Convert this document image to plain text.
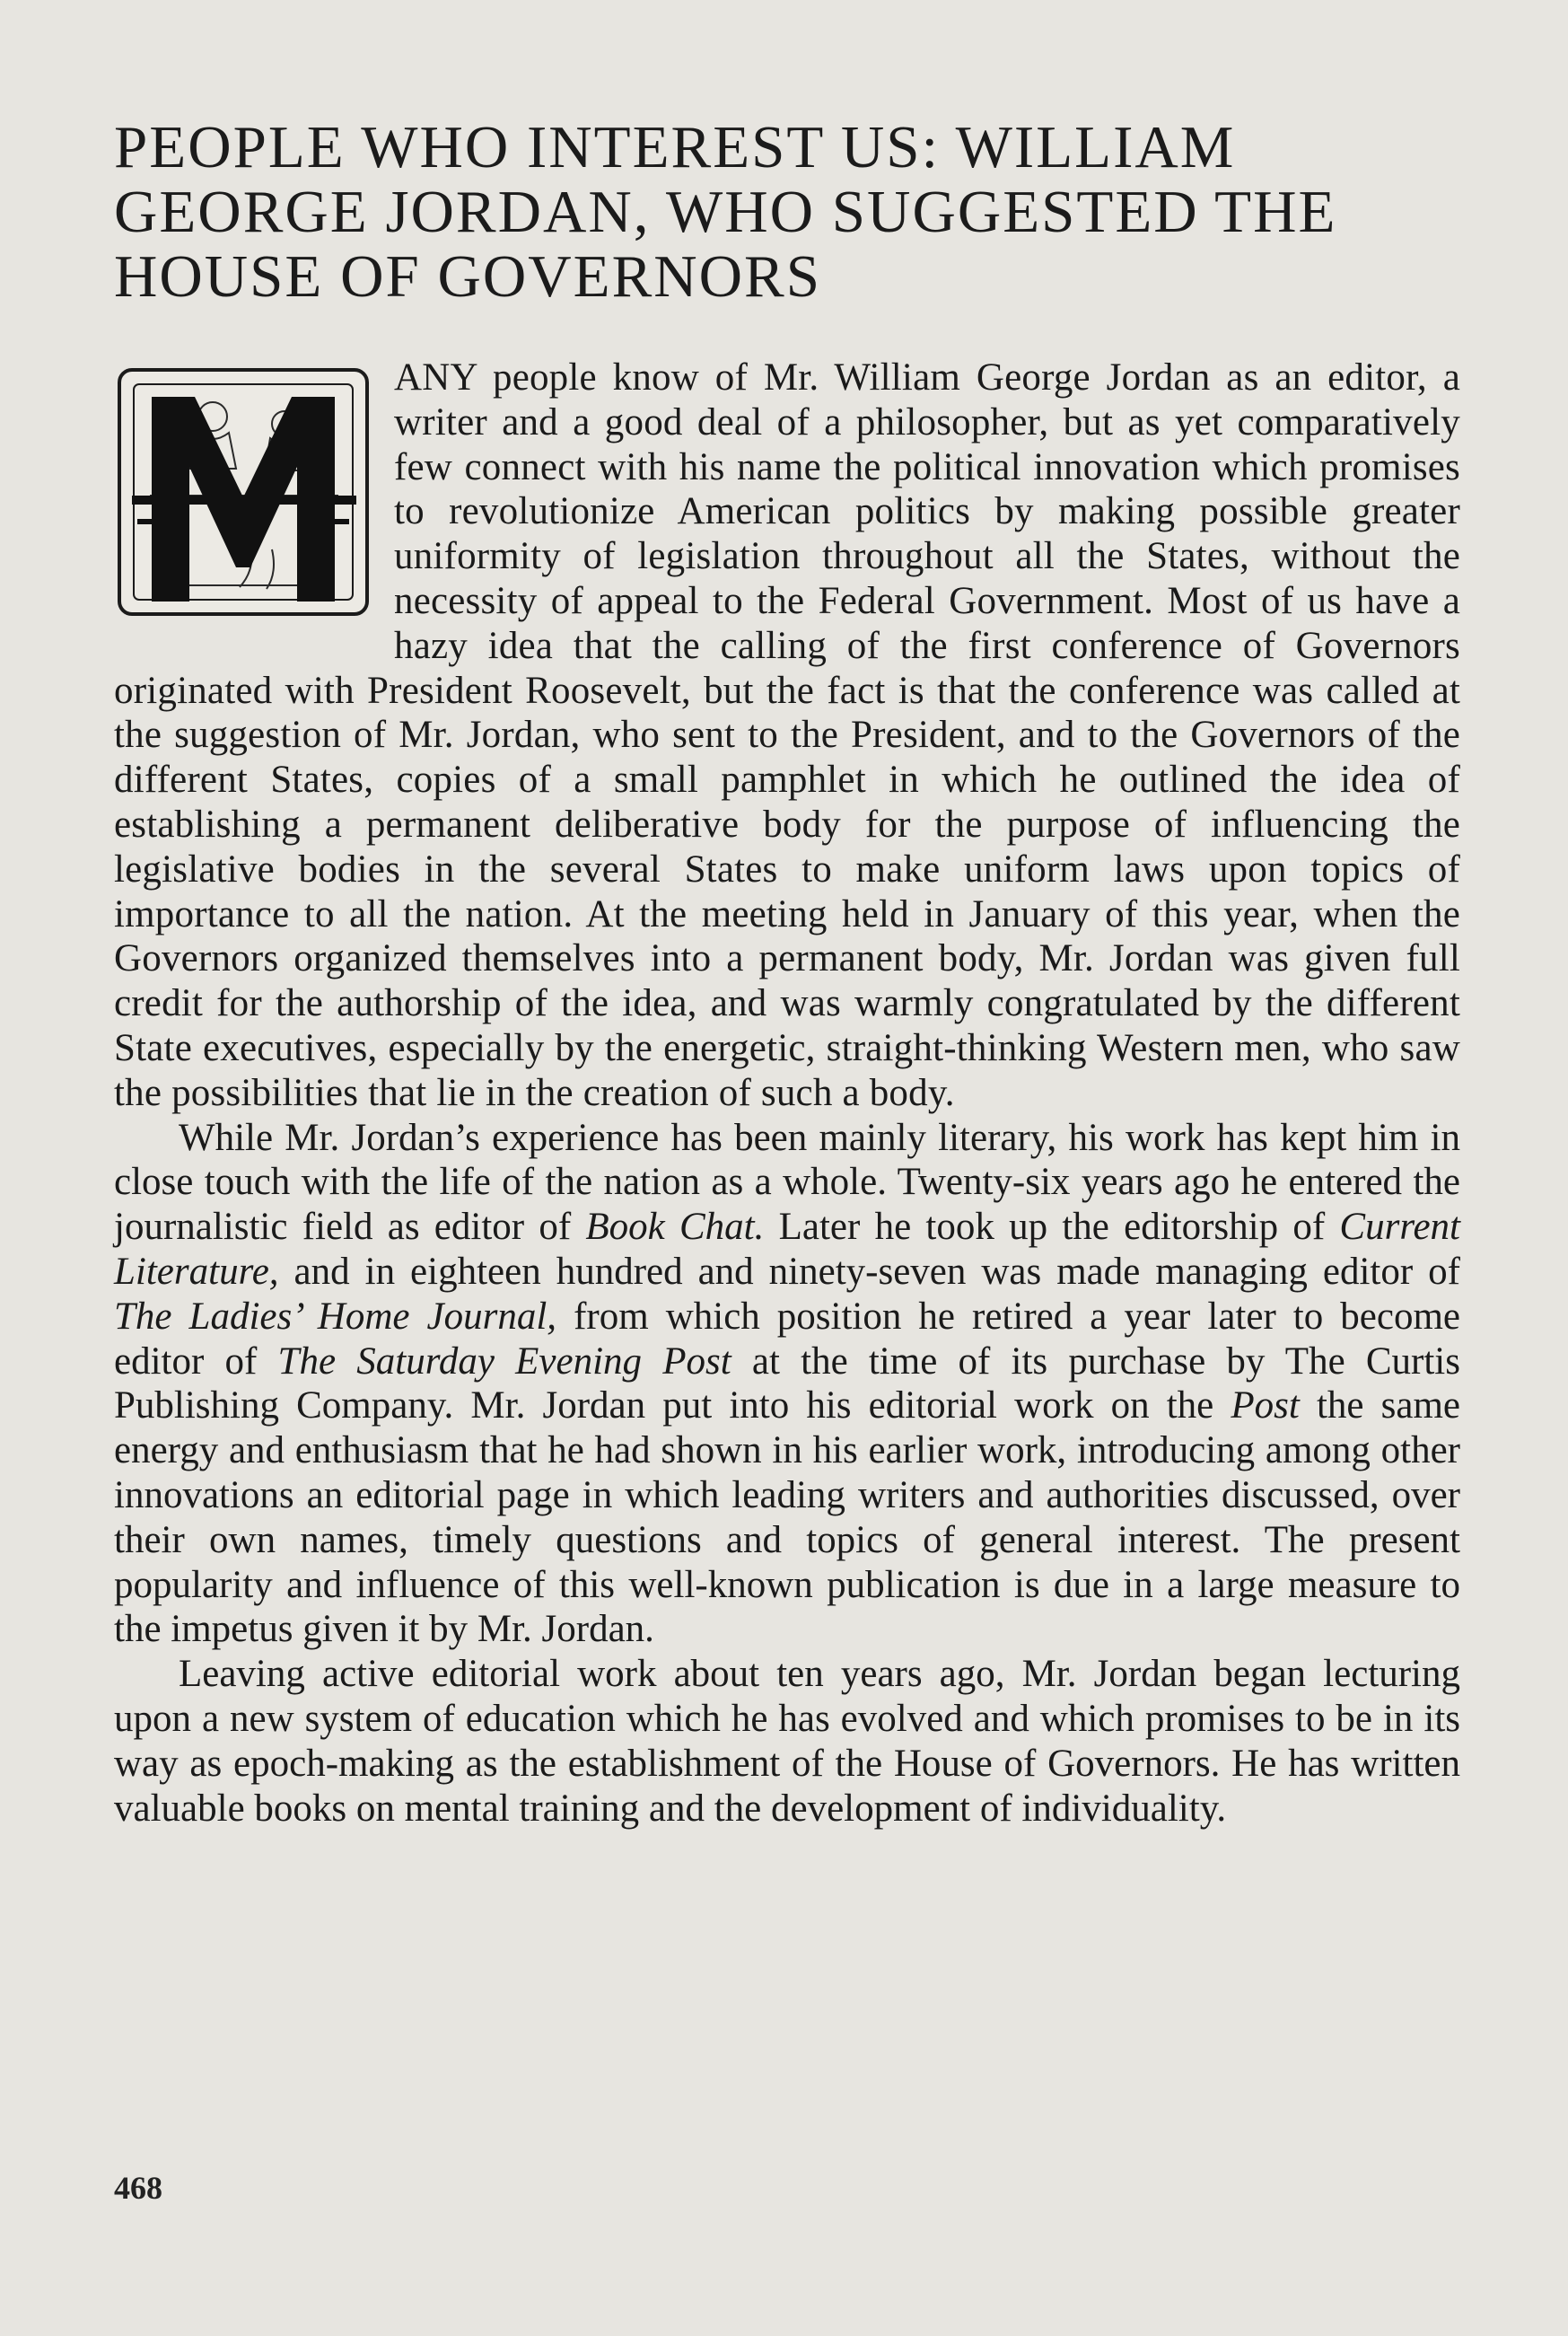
PEOPLE WHO INTEREST US: WILLIAM GEORGE JORDAN, WHO SUGGESTED THE HOUSE OF GOVERNORS

ANY people know of Mr. William George Jordan as an editor, a writer and a good deal of a philosopher, but as yet comparatively few connect with his name the political innovation which promises to revolutionize American politics by making possible greater uniformity of legislation throughout all the States, without the necessity of appeal to the Federal Government. Most of us have a hazy idea that the calling of the first conference of Governors originated with President Roosevelt, but the fact is that the conference was called at the suggestion of Mr. Jordan, who sent to the President, and to the Governors of the different States, copies of a small pamphlet in which he outlined the idea of establishing a permanent deliberative body for the purpose of influencing the legislative bodies in the several States to make uniform laws upon topics of importance to all the nation. At the meeting held in January of this year, when the Governors organized themselves into a permanent body, Mr. Jordan was given full credit for the authorship of the idea, and was warmly congratulated by the different State executives, especially by the energetic, straight-thinking Western men, who saw the possibilities that lie in the creation of such a body.

While Mr. Jordan’s experience has been mainly literary, his work has kept him in close touch with the life of the nation as a whole. Twenty-six years ago he entered the journalistic field as editor of Book Chat. Later he took up the editorship of Current Literature, and in eighteen hundred and ninety-seven was made managing editor of The Ladies’ Home Journal, from which position he retired a year later to become editor of The Saturday Evening Post at the time of its purchase by The Curtis Publishing Company. Mr. Jordan put into his editorial work on the Post the same energy and enthusiasm that he had shown in his earlier work, introducing among other innovations an editorial page in which leading writers and authorities discussed, over their own names, timely questions and topics of general interest. The present popularity and influence of this well-known publication is due in a large measure to the impetus given it by Mr. Jordan.

Leaving active editorial work about ten years ago, Mr. Jordan began lecturing upon a new system of education which he has evolved and which promises to be in its way as epoch-making as the establishment of the House of Governors. He has written valuable books on mental training and the development of individuality.

468
